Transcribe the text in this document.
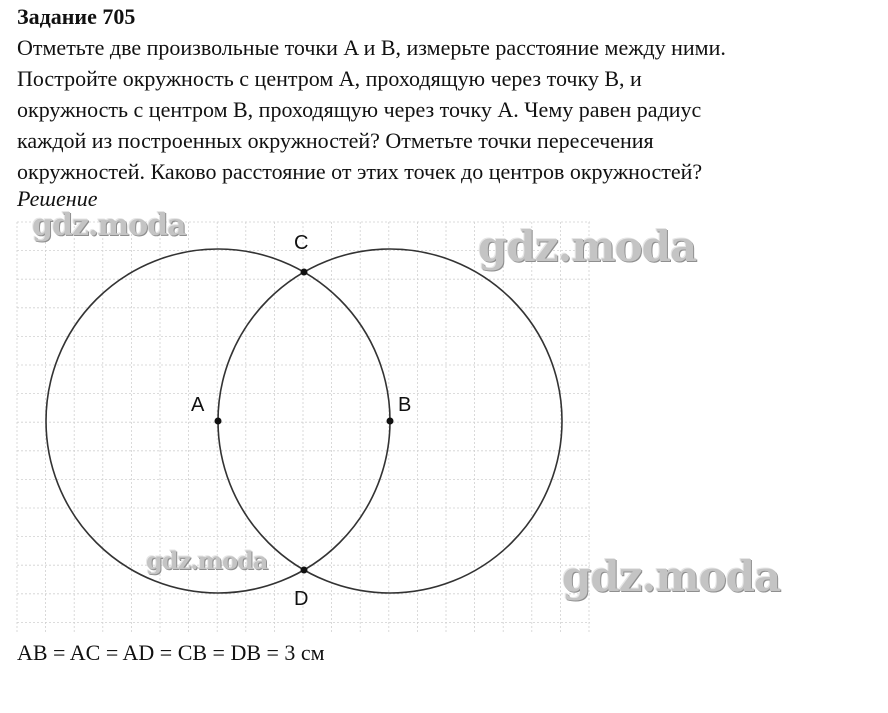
Задание 705
Отметьте две произвольные точки A и B, измерьте расстояние между ними.
Постройте окружность с центром A, проходящую через точку B, и
окружность с центром B, проходящую через точку A. Чему равен радиус
каждой из построенных окружностей? Отметьте точки пересечения
окружностей. Каково расстояние от этих точек до центров окружностей?
Решение
A	B
C
D
gdz.moda	gdz.moda
gdz.moda	gdz.moda
AB = AC = AD = CB = DB = 3 см
